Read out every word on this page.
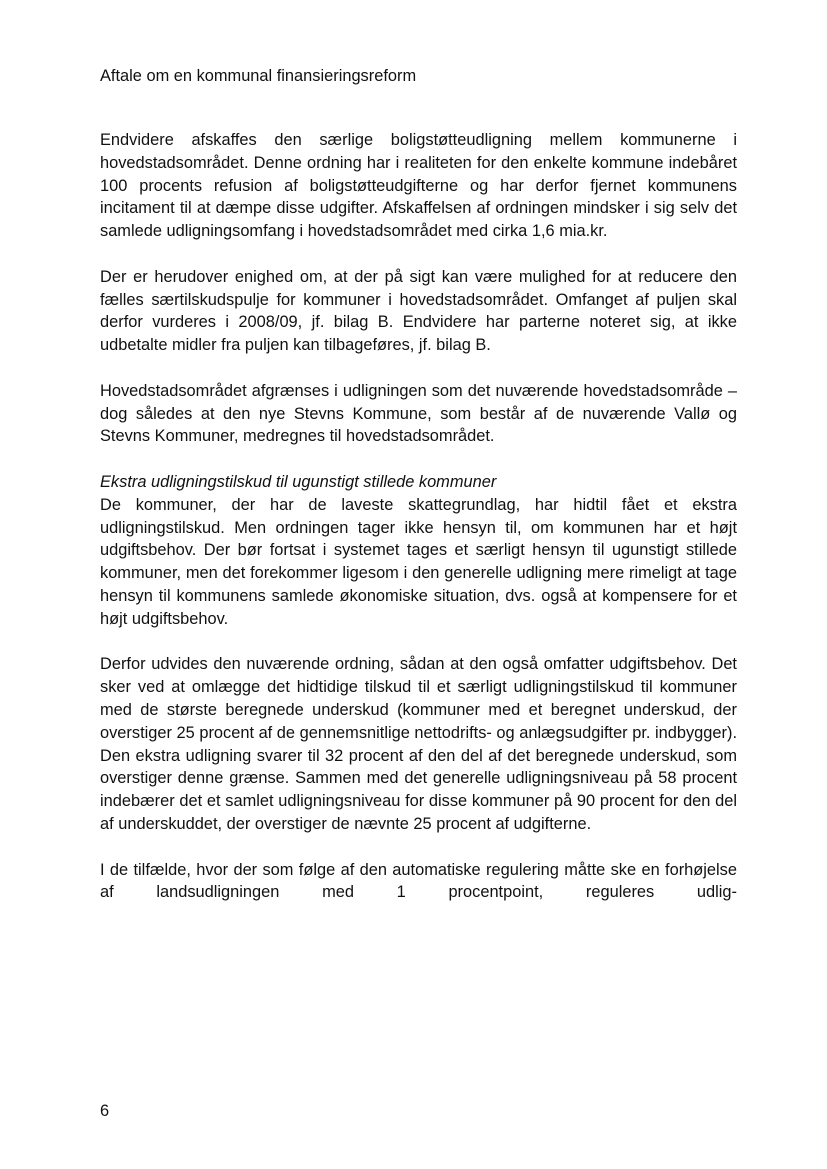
Aftale om en kommunal finansieringsreform

Endvidere afskaffes den særlige boligstøtteudligning mellem kommunerne i hovedstadsområdet. Denne ordning har i realiteten for den enkelte kommune indebåret 100 procents refusion af boligstøtteudgifterne og har derfor fjernet kommunens incitament til at dæmpe disse udgifter. Afskaffelsen af ordningen mindsker i sig selv det samlede udligningsomfang i hovedstadsområdet med cirka 1,6 mia.kr.

Der er herudover enighed om, at der på sigt kan være mulighed for at reducere den fælles særtilskudspulje for kommuner i hovedstadsområdet. Omfanget af puljen skal derfor vurderes i 2008/09, jf. bilag B. Endvidere har parterne noteret sig, at ikke udbetalte midler fra puljen kan tilbageføres, jf. bilag B.

Hovedstadsområdet afgrænses i udligningen som det nuværende hovedstadsområde – dog således at den nye Stevns Kommune, som består af de nuværende Vallø og Stevns Kommuner, medregnes til hovedstadsområdet.

Ekstra udligningstilskud til ugunstigt stillede kommuner

De kommuner, der har de laveste skattegrundlag, har hidtil fået et ekstra udligningstilskud. Men ordningen tager ikke hensyn til, om kommunen har et højt udgiftsbehov. Der bør fortsat i systemet tages et særligt hensyn til ugunstigt stillede kommuner, men det forekommer ligesom i den generelle udligning mere rimeligt at tage hensyn til kommunens samlede økonomiske situation, dvs. også at kompensere for et højt udgiftsbehov.

Derfor udvides den nuværende ordning, sådan at den også omfatter udgiftsbehov. Det sker ved at omlægge det hidtidige tilskud til et særligt udligningstilskud til kommuner med de største beregnede underskud (kommuner med et beregnet underskud, der overstiger 25 procent af de gennemsnitlige nettodrifts- og anlægsudgifter pr. indbygger). Den ekstra udligning svarer til 32 procent af den del af det beregnede underskud, som overstiger denne grænse. Sammen med det generelle udligningsniveau på 58 procent indebærer det et samlet udligningsniveau for disse kommuner på 90 procent for den del af underskuddet, der overstiger de nævnte 25 procent af udgifterne.

I de tilfælde, hvor der som følge af den automatiske regulering måtte ske en forhøjelse af landsudligningen med 1 procentpoint, reguleres udlig-

6
